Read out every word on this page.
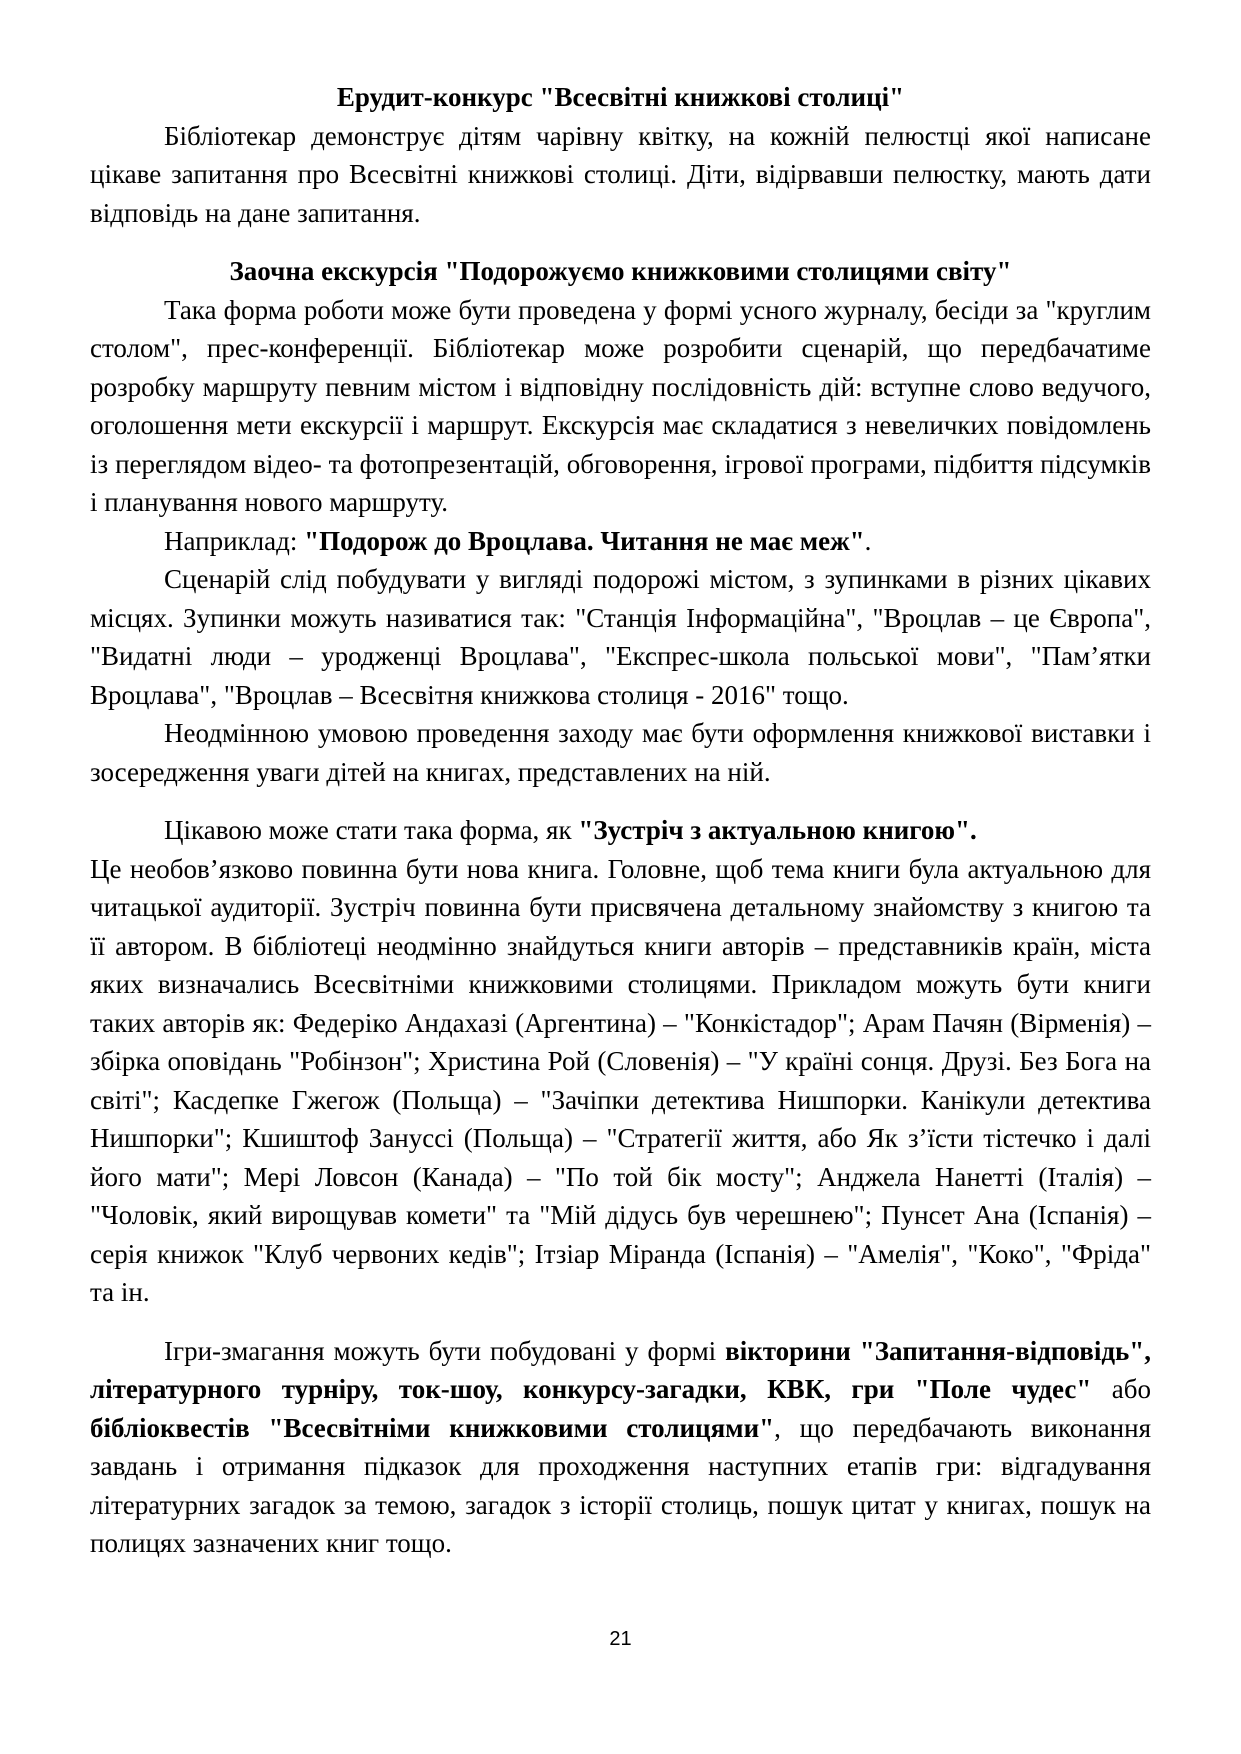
Ерудит-конкурс "Всесвітні книжкові столиці"

Бібліотекар демонструє дітям чарівну квітку, на кожній пелюстці якої написане цікаве запитання про Всесвітні книжкові столиці. Діти, відірвавши пелюстку, мають дати відповідь на дане запитання.

Заочна екскурсія "Подорожуємо книжковими столицями світу"

Така форма роботи може бути проведена у формі усного журналу, бесіди за "круглим столом", прес-конференції. Бібліотекар може розробити сценарій, що передбачатиме розробку маршруту певним містом і відповідну послідовність дій: вступне слово ведучого, оголошення мети екскурсії і маршрут. Екскурсія має складатися з невеличких повідомлень із переглядом відео- та фотопрезентацій, обговорення, ігрової програми, підбиття підсумків і планування нового маршруту.

Наприклад: "Подорож до Вроцлава. Читання не має меж".

Сценарій слід побудувати у вигляді подорожі містом, з зупинками в різних цікавих місцях. Зупинки можуть називатися так: "Станція Інформаційна", "Вроцлав – це Європа", "Видатні люди – уродженці Вроцлава", "Експрес-школа польської мови", "Пам’ятки Вроцлава", "Вроцлав – Всесвітня книжкова столиця - 2016" тощо.

Неодмінною умовою проведення заходу має бути оформлення книжкової виставки і зосередження уваги дітей на книгах, представлених на ній.

Цікавою може стати така форма, як "Зустріч з актуальною книгою".

Це необов’язково повинна бути нова книга. Головне, щоб тема книги була актуальною для читацької аудиторії. Зустріч повинна бути присвячена детальному знайомству з книгою та її автором. В бібліотеці неодмінно знайдуться книги авторів – представників країн, міста яких визначались Всесвітніми книжковими столицями. Прикладом можуть бути книги таких авторів як: Федеріко Андахазі (Аргентина) – "Конкістадор"; Арам Пачян (Вірменія) – збірка оповідань "Робінзон"; Христина Рой (Словенія) – "У країні сонця. Друзі. Без Бога на світі"; Касдепке Гжегож (Польща) – "Зачіпки детектива Нишпорки. Канікули детектива Нишпорки"; Кшиштоф Зануссі (Польща) – "Стратегії життя, або Як з’їсти тістечко і далі його мати"; Мері Ловсон (Канада) – "По той бік мосту"; Анджела Нанетті (Італія) – "Чоловік, який вирощував комети" та "Мій дідусь був черешнею"; Пунсет Ана (Іспанія) – серія книжок "Клуб червоних кедів"; Ітзіар Міранда (Іспанія) – "Амелія", "Коко", "Фріда" та ін.

Ігри-змагання можуть бути побудовані у формі вікторини "Запитання-відповідь", літературного турніру, ток-шоу, конкурсу-загадки, КВК, гри "Поле чудес" або бібліоквестів "Всесвітніми книжковими столицями", що передбачають виконання завдань і отримання підказок для проходження наступних етапів гри: відгадування літературних загадок за темою, загадок з історії столиць, пошук цитат у книгах, пошук на полицях зазначених книг тощо.

21
